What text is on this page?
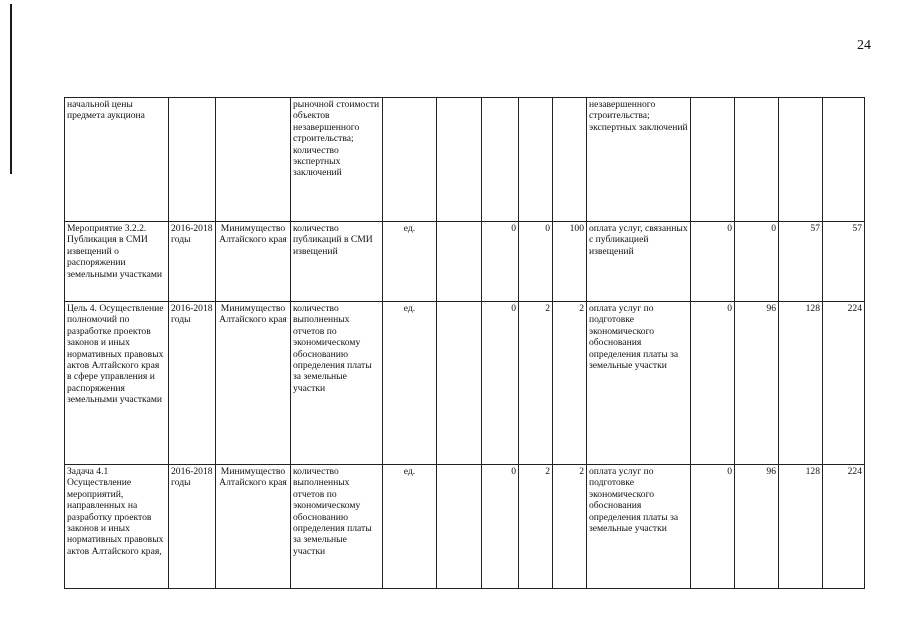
24
начальной цены предмета аукциона			рыночной стоимости объектов незавершенного строительства; количество экспертных заключений						незавершенного строительства; экспертных заключений				
Мероприятие 3.2.2. Публикация в СМИ извещений о распоряжении земельными участками	2016-2018 годы	Минимущество Алтайского края	количество публикаций в СМИ извещений	ед.		0	0	100	оплата услуг, связанных с публикацией извещений	0	0	57	57
Цель 4. Осуществление полномочий по разработке проектов законов и иных нормативных правовых актов Алтайского края в сфере управления и распоряжения земельными участками	2016-2018 годы	Минимущество Алтайского края	количество выполненных отчетов по экономическому обоснованию определения платы за земельные участки	ед.		0	2	2	оплата услуг по подготовке экономического обоснования определения платы за земельные участки	0	96	128	224
Задача 4.1 Осуществление мероприятий, направленных на разработку проектов законов и иных нормативных правовых актов Алтайского края,	2016-2018 годы	Минимущество Алтайского края	количество выполненных отчетов по экономическому обоснованию определения платы за земельные участки	ед.		0	2	2	оплата услуг по подготовке экономического обоснования определения платы за земельные участки	0	96	128	224
